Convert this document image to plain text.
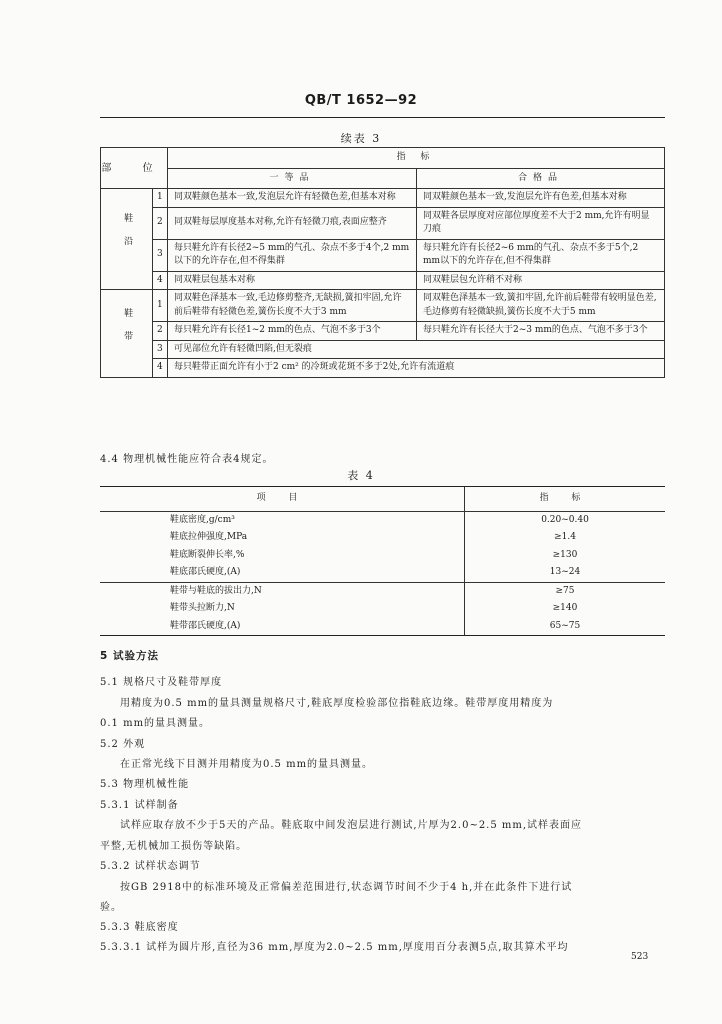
QB/T 1652—92
续表 3
部 位		指 标	
		一等品	合格品
鞋沿	1	同双鞋颜色基本一致,发泡层允许有轻微色差,但基本对称	同双鞋颜色基本一致,发泡层允许有色差,但基本对称
	2	同双鞋每层厚度基本对称,允许有轻微刀痕,表面应整齐	同双鞋各层厚度对应部位厚度差不大于2 mm,允许有明显刀痕
	3	每只鞋允许有长径2~5 mm的气孔、杂点不多于4个,2 mm以下的允许存在,但不得集群	每只鞋允许有长径2~6 mm的气孔、杂点不多于5个,2 mm以下的允许存在,但不得集群
	4	同双鞋层包基本对称	同双鞋层包允许稍不对称
鞋带	1	同双鞋色泽基本一致,毛边修剪整齐,无缺损,簧扣牢固,允许前后鞋带有轻微色差,簧伤长度不大于3 mm	同双鞋色泽基本一致,簧扣牢固,允许前后鞋带有较明显色差,毛边修剪有轻微缺损,簧伤长度不大于5 mm
	2	每只鞋允许有长径1~2 mm的色点、气泡不多于3个	每只鞋允许有长径大于2~3 mm的色点、气泡不多于3个
	3	可见部位允许有轻微凹陷,但无裂痕	
	4	每只鞋带正面允许有小于2 cm² 的冷斑或花斑不多于2处,允许有流道痕	
4.4 物理机械性能应符合表4规定。
表 4
项 目	指 标
鞋底密度,g/cm³	0.20~0.40
鞋底拉伸强度,MPa	≥1.4
鞋底断裂伸长率,%	≥130
鞋底邵氏硬度,(A)	13~24
鞋带与鞋底的拔出力,N	≥75
鞋带头拉断力,N	≥140
鞋带邵氏硬度,(A)	65~75
5 试验方法
5.1 规格尺寸及鞋带厚度
用精度为0.5 mm的量具测量规格尺寸,鞋底厚度检验部位指鞋底边缘。鞋带厚度用精度为
0.1 mm的量具测量。
5.2 外观
在正常光线下目测并用精度为0.5 mm的量具测量。
5.3 物理机械性能
5.3.1 试样制备
试样应取存放不少于5天的产品。鞋底取中间发泡层进行测试,片厚为2.0~2.5 mm,试样表面应
平整,无机械加工损伤等缺陷。
5.3.2 试样状态调节
按GB 2918中的标准环境及正常偏差范围进行,状态调节时间不少于4 h,并在此条件下进行试
验。
5.3.3 鞋底密度
5.3.3.1 试样为圆片形,直径为36 mm,厚度为2.0~2.5 mm,厚度用百分表测5点,取其算术平均
523
